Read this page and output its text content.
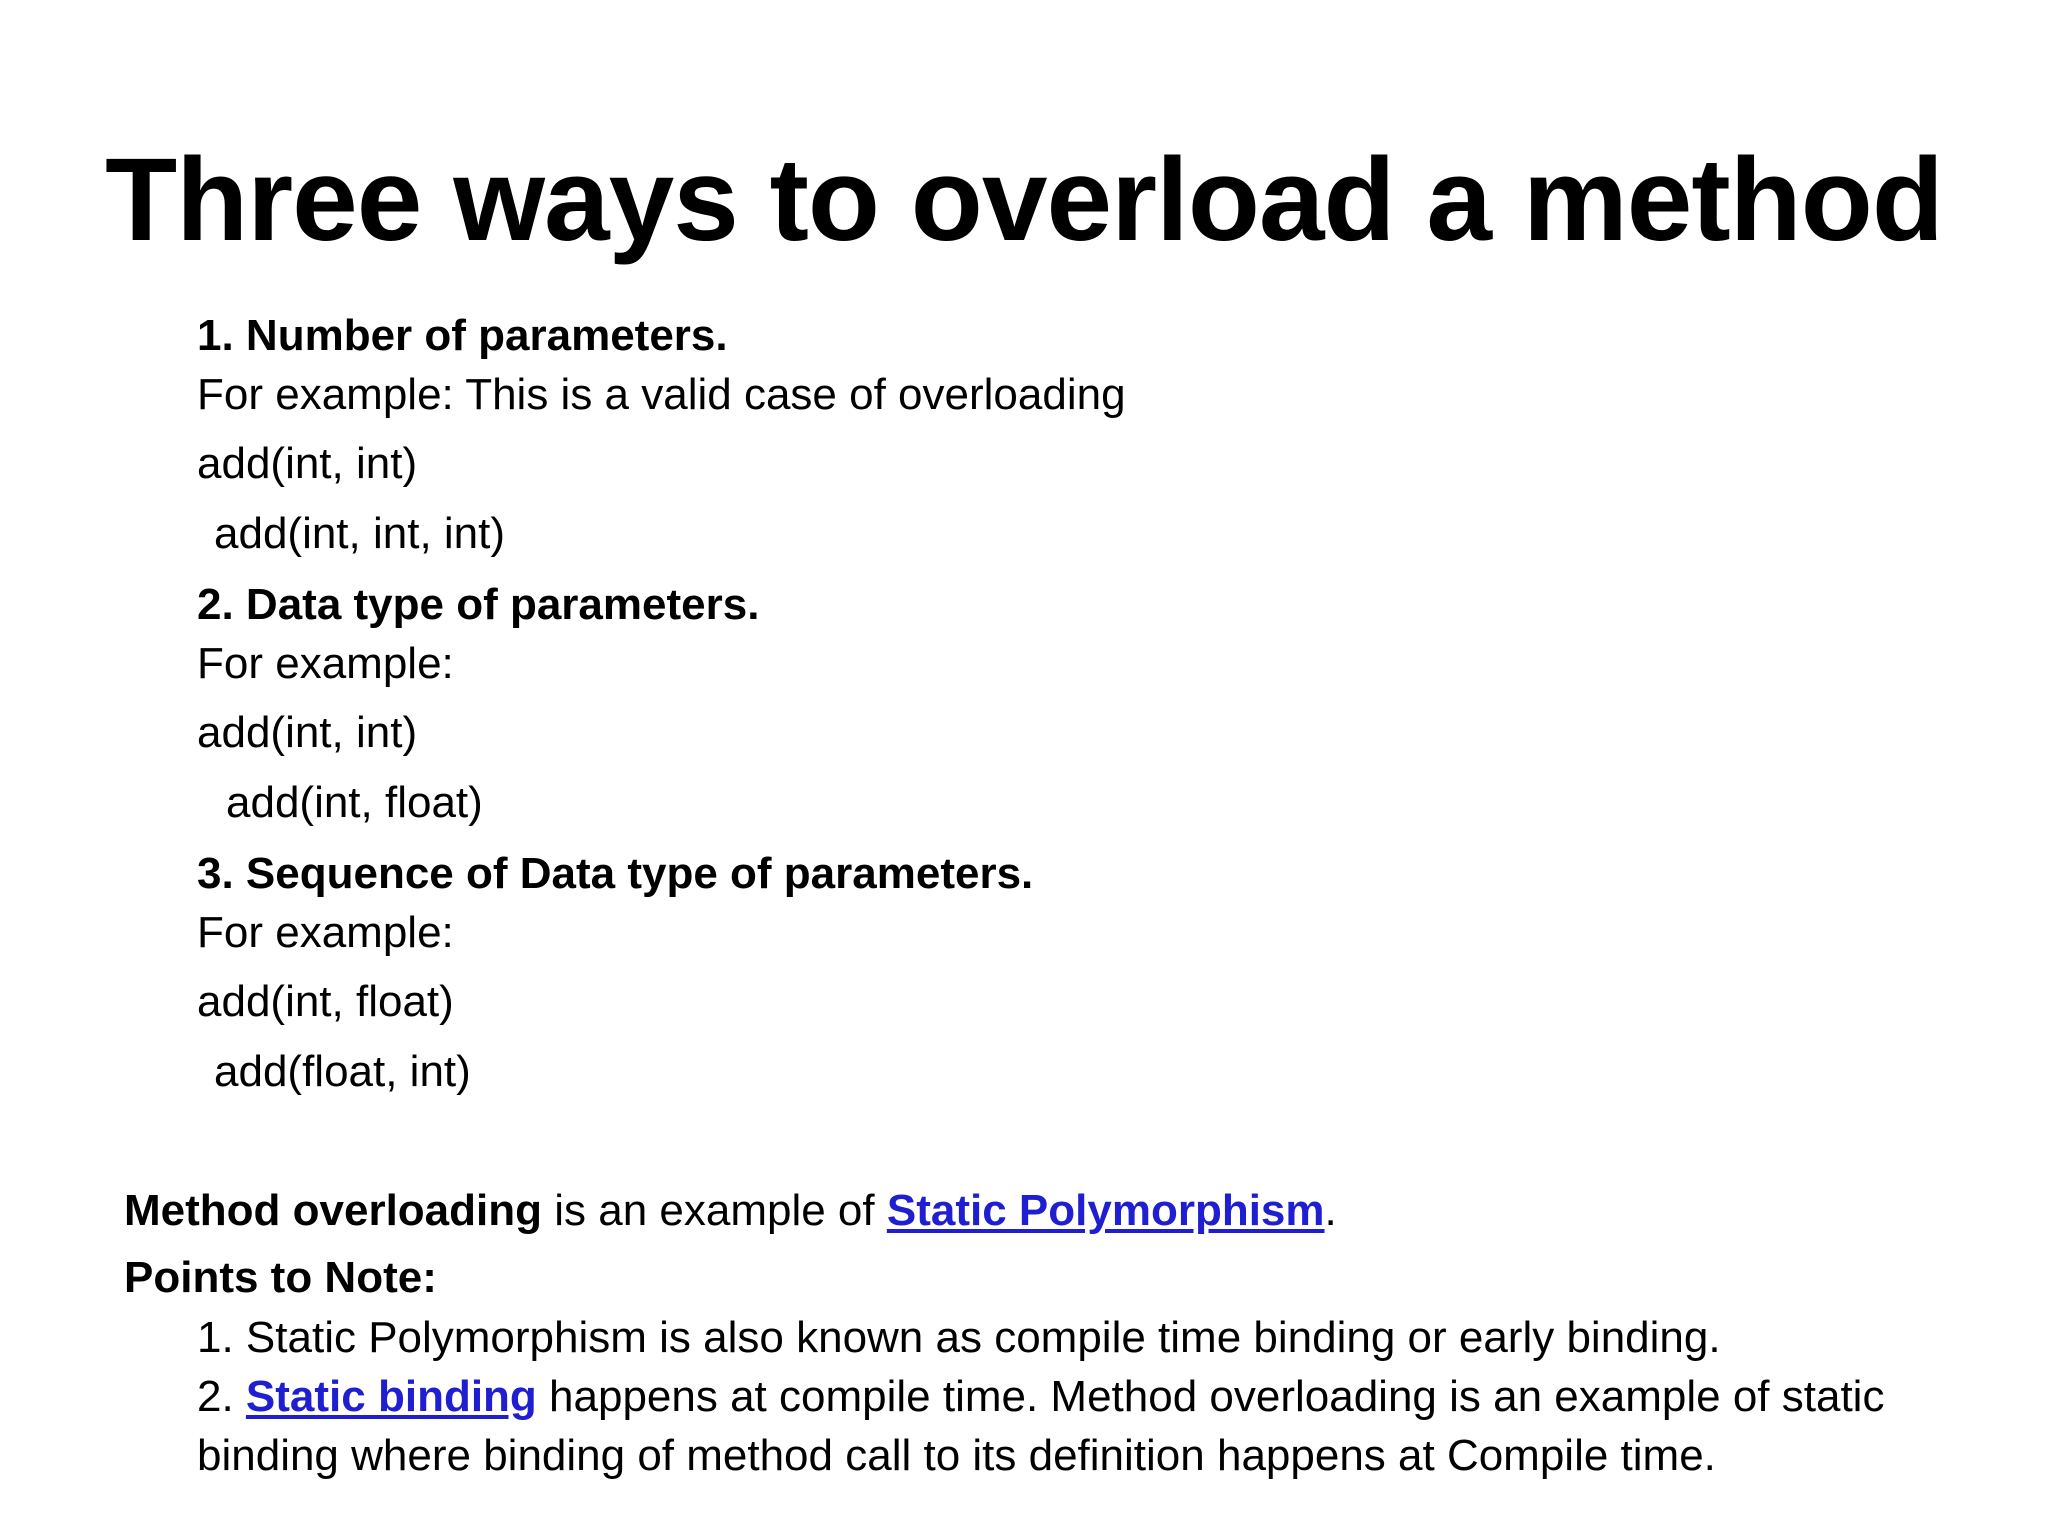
Three ways to overload a method
1. Number of parameters.
For example: This is a valid case of overloading
add(int, int)
add(int, int, int)
2. Data type of parameters.
For example:
add(int, int)
add(int, float)
3. Sequence of Data type of parameters.
For example:
add(int, float)
add(float, int)
Method overloading is an example of Static Polymorphism.
Points to Note:
1. Static Polymorphism is also known as compile time binding or early binding.
2. Static binding happens at compile time. Method overloading is an example of static
binding where binding of method call to its definition happens at Compile time.
